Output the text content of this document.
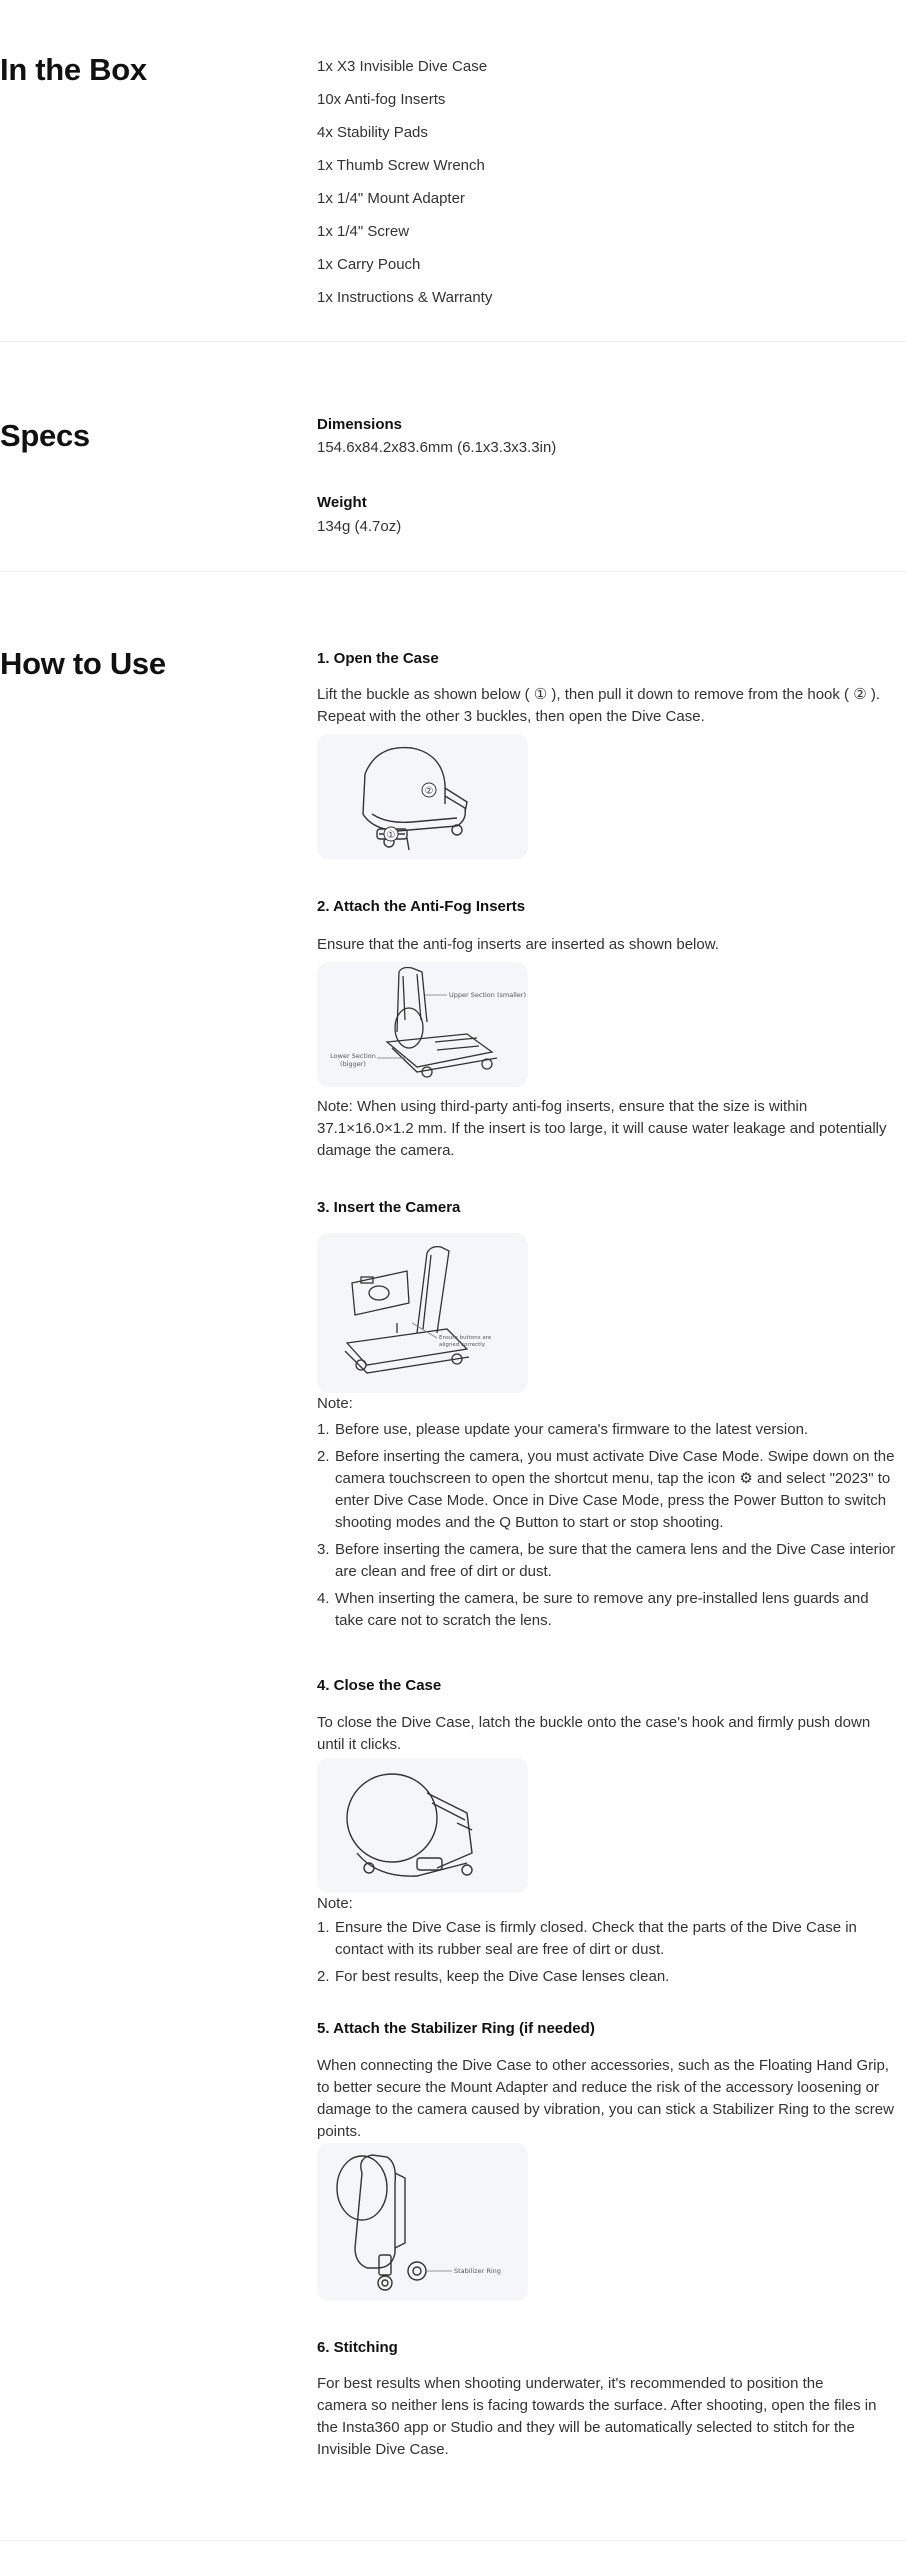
In the Box	1x X3 Invisible Dive Case
10x Anti-fog Inserts
4x Stability Pads
1x Thumb Screw Wrench
1x 1/4" Mount Adapter
1x 1/4" Screw
1x Carry Pouch
1x Instructions & Warranty
Specs	Dimensions
154.6x84.2x83.6mm (6.1x3.3x3.3in)
Weight
134g (4.7oz)
How to Use	1. Open the Case

Lift the buckle as shown below ( ① ), then pull it down to remove from the hook ( ② ). Repeat with the other 3 buckles, then open the Dive Case.

②
①
2. Attach the Anti-Fog Inserts

Ensure that the anti-fog inserts are inserted as shown below.

Upper Section (smaller)
Lower Section
(bigger)

Note: When using third-party anti-fog inserts, ensure that the size is within 37.1×16.0×1.2 mm. If the insert is too large, it will cause water leakage and potentially damage the camera.

3. Insert the Camera
Ensure buttons are
aligned correctly
Note:
1. Before use, please update your camera's firmware to the latest version.
2. Before inserting the camera, you must activate Dive Case Mode. Swipe down on the camera touchscreen to open the shortcut menu, tap the icon ⚙ and select "2023" to enter Dive Case Mode. Once in Dive Case Mode, press the Power Button to switch shooting modes and the Q Button to start or stop shooting.
3. Before inserting the camera, be sure that the camera lens and the Dive Case interior are clean and free of dirt or dust.
4. When inserting the camera, be sure to remove any pre-installed lens guards and take care not to scratch the lens.
4. Close the Case

To close the Dive Case, latch the buckle onto the case's hook and firmly push down until it clicks.

Note:
1. Ensure the Dive Case is firmly closed. Check that the parts of the Dive Case in contact with its rubber seal are free of dirt or dust.
2. For best results, keep the Dive Case lenses clean.
5. Attach the Stabilizer Ring (if needed)

When connecting the Dive Case to other accessories, such as the Floating Hand Grip, to better secure the Mount Adapter and reduce the risk of the accessory loosening or damage to the camera caused by vibration, you can stick a Stabilizer Ring to the screw points.

Stabilizer Ring
6. Stitching

For best results when shooting underwater, it's recommended to position the camera so neither lens is facing towards the surface. After shooting, open the files in the Insta360 app or Studio and they will be automatically selected to stitch for the Invisible Dive Case.
